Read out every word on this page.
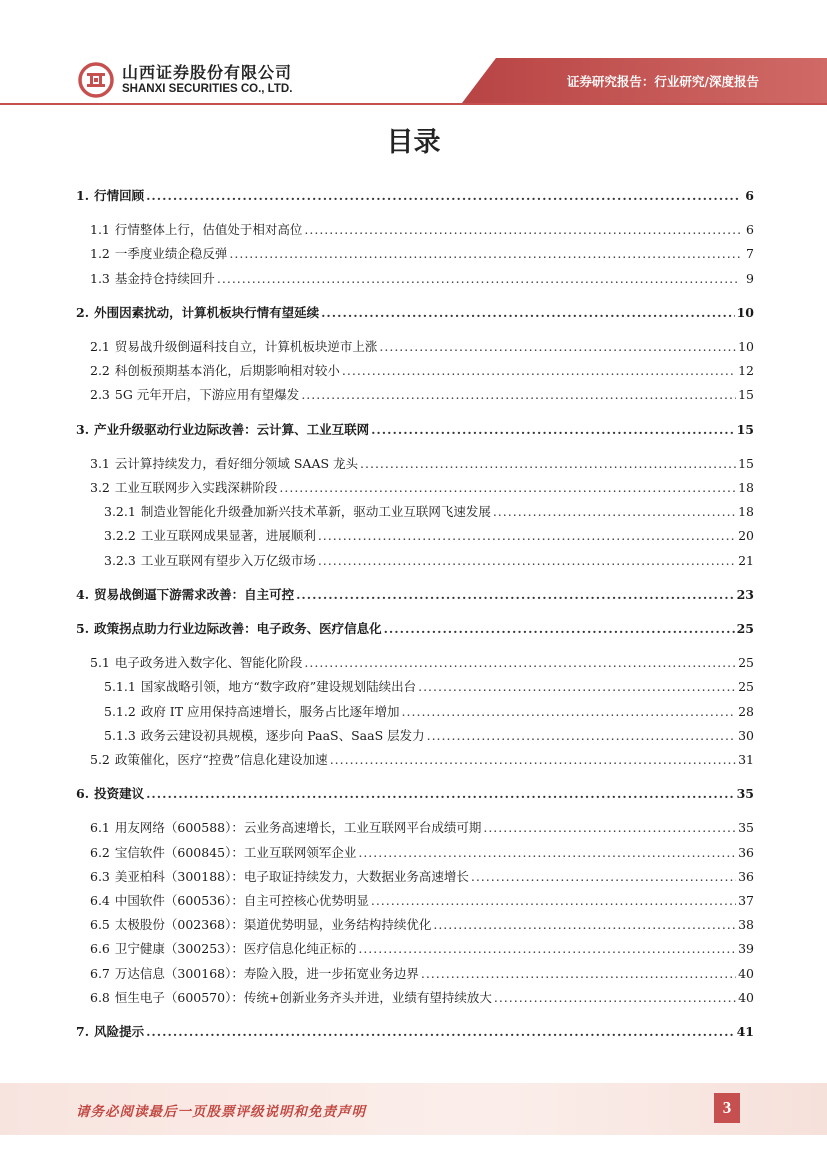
山西证券股份有限公司
SHANXI SECURITIES CO., LTD.	证券研究报告：行业研究/深度报告
目录
1. 行情回顾 .....	6
1.1 行情整体上行，估值处于相对高位 .....	6
1.2 一季度业绩企稳反弹 .....	7
1.3 基金持仓持续回升 .....	9
2. 外围因素扰动，计算机板块行情有望延续 .....	10
2.1 贸易战升级倒逼科技自立，计算机板块逆市上涨 .....	10
2.2 科创板预期基本消化，后期影响相对较小 .....	12
2.3 5G 元年开启，下游应用有望爆发 .....	15
3. 产业升级驱动行业边际改善：云计算、工业互联网 .....	15
3.1 云计算持续发力，看好细分领域 SAAS 龙头 .....	15
3.2 工业互联网步入实践深耕阶段 .....	18
3.2.1 制造业智能化升级叠加新兴技术革新，驱动工业互联网飞速发展 .....	18
3.2.2 工业互联网成果显著，进展顺利 .....	20
3.2.3 工业互联网有望步入万亿级市场 .....	21
4. 贸易战倒逼下游需求改善：自主可控 .....	23
5. 政策拐点助力行业边际改善：电子政务、医疗信息化 .....	25
5.1 电子政务进入数字化、智能化阶段 .....	25
5.1.1 国家战略引领，地方“数字政府”建设规划陆续出台 .....	25
5.1.2 政府 IT 应用保持高速增长，服务占比逐年增加 .....	28
5.1.3 政务云建设初具规模，逐步向 PaaS、SaaS 层发力 .....	30
5.2 政策催化，医疗“控费”信息化建设加速 .....	31
6. 投资建议 .....	35
6.1 用友网络（600588）：云业务高速增长，工业互联网平台成绩可期 .....	35
6.2 宝信软件（600845）：工业互联网领军企业 .....	36
6.3 美亚柏科（300188）：电子取证持续发力，大数据业务高速增长 .....	36
6.4 中国软件（600536）：自主可控核心优势明显 .....	37
6.5 太极股份（002368）：渠道优势明显，业务结构持续优化 .....	38
6.6 卫宁健康（300253）：医疗信息化纯正标的 .....	39
6.7 万达信息（300168）：寿险入股，进一步拓宽业务边界 .....	40
6.8 恒生电子（600570）：传统+创新业务齐头并进，业绩有望持续放大 .....	40
7. 风险提示 .....	41
请务必阅读最后一页股票评级说明和免责声明	3
